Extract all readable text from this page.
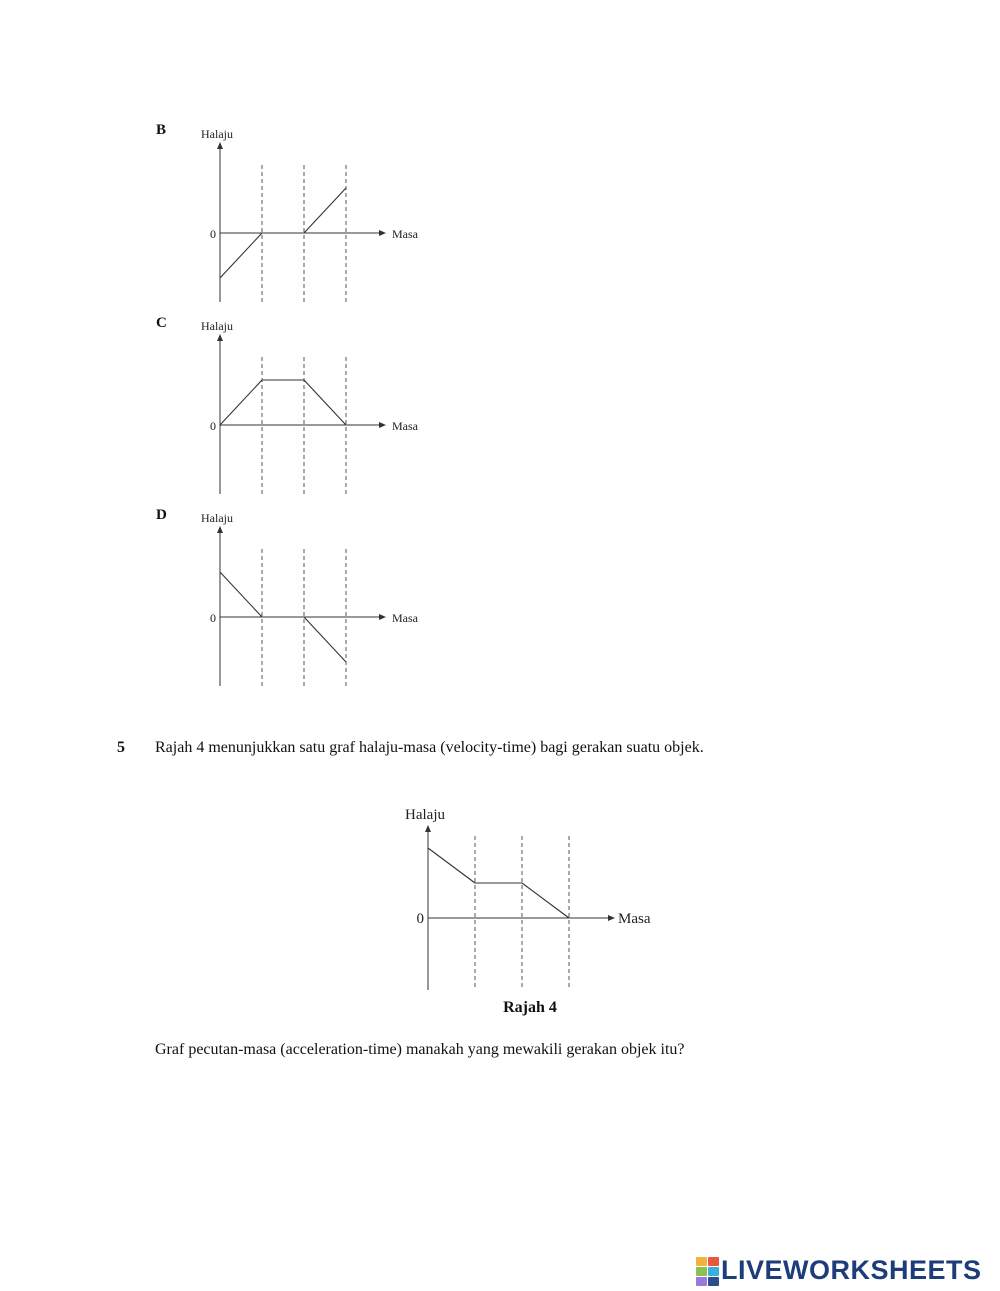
B	Halaju
0	Masa
C	Halaju
0	Masa
D	Halaju
0	Masa
5 Rajah 4 menunjukkan satu graf halaju-masa (velocity-time) bagi gerakan suatu objek.
Halaju
0	Masa
Rajah 4
Graf pecutan-masa (acceleration-time) manakah yang mewakili gerakan objek itu?
LIVEWORKSHEETS
